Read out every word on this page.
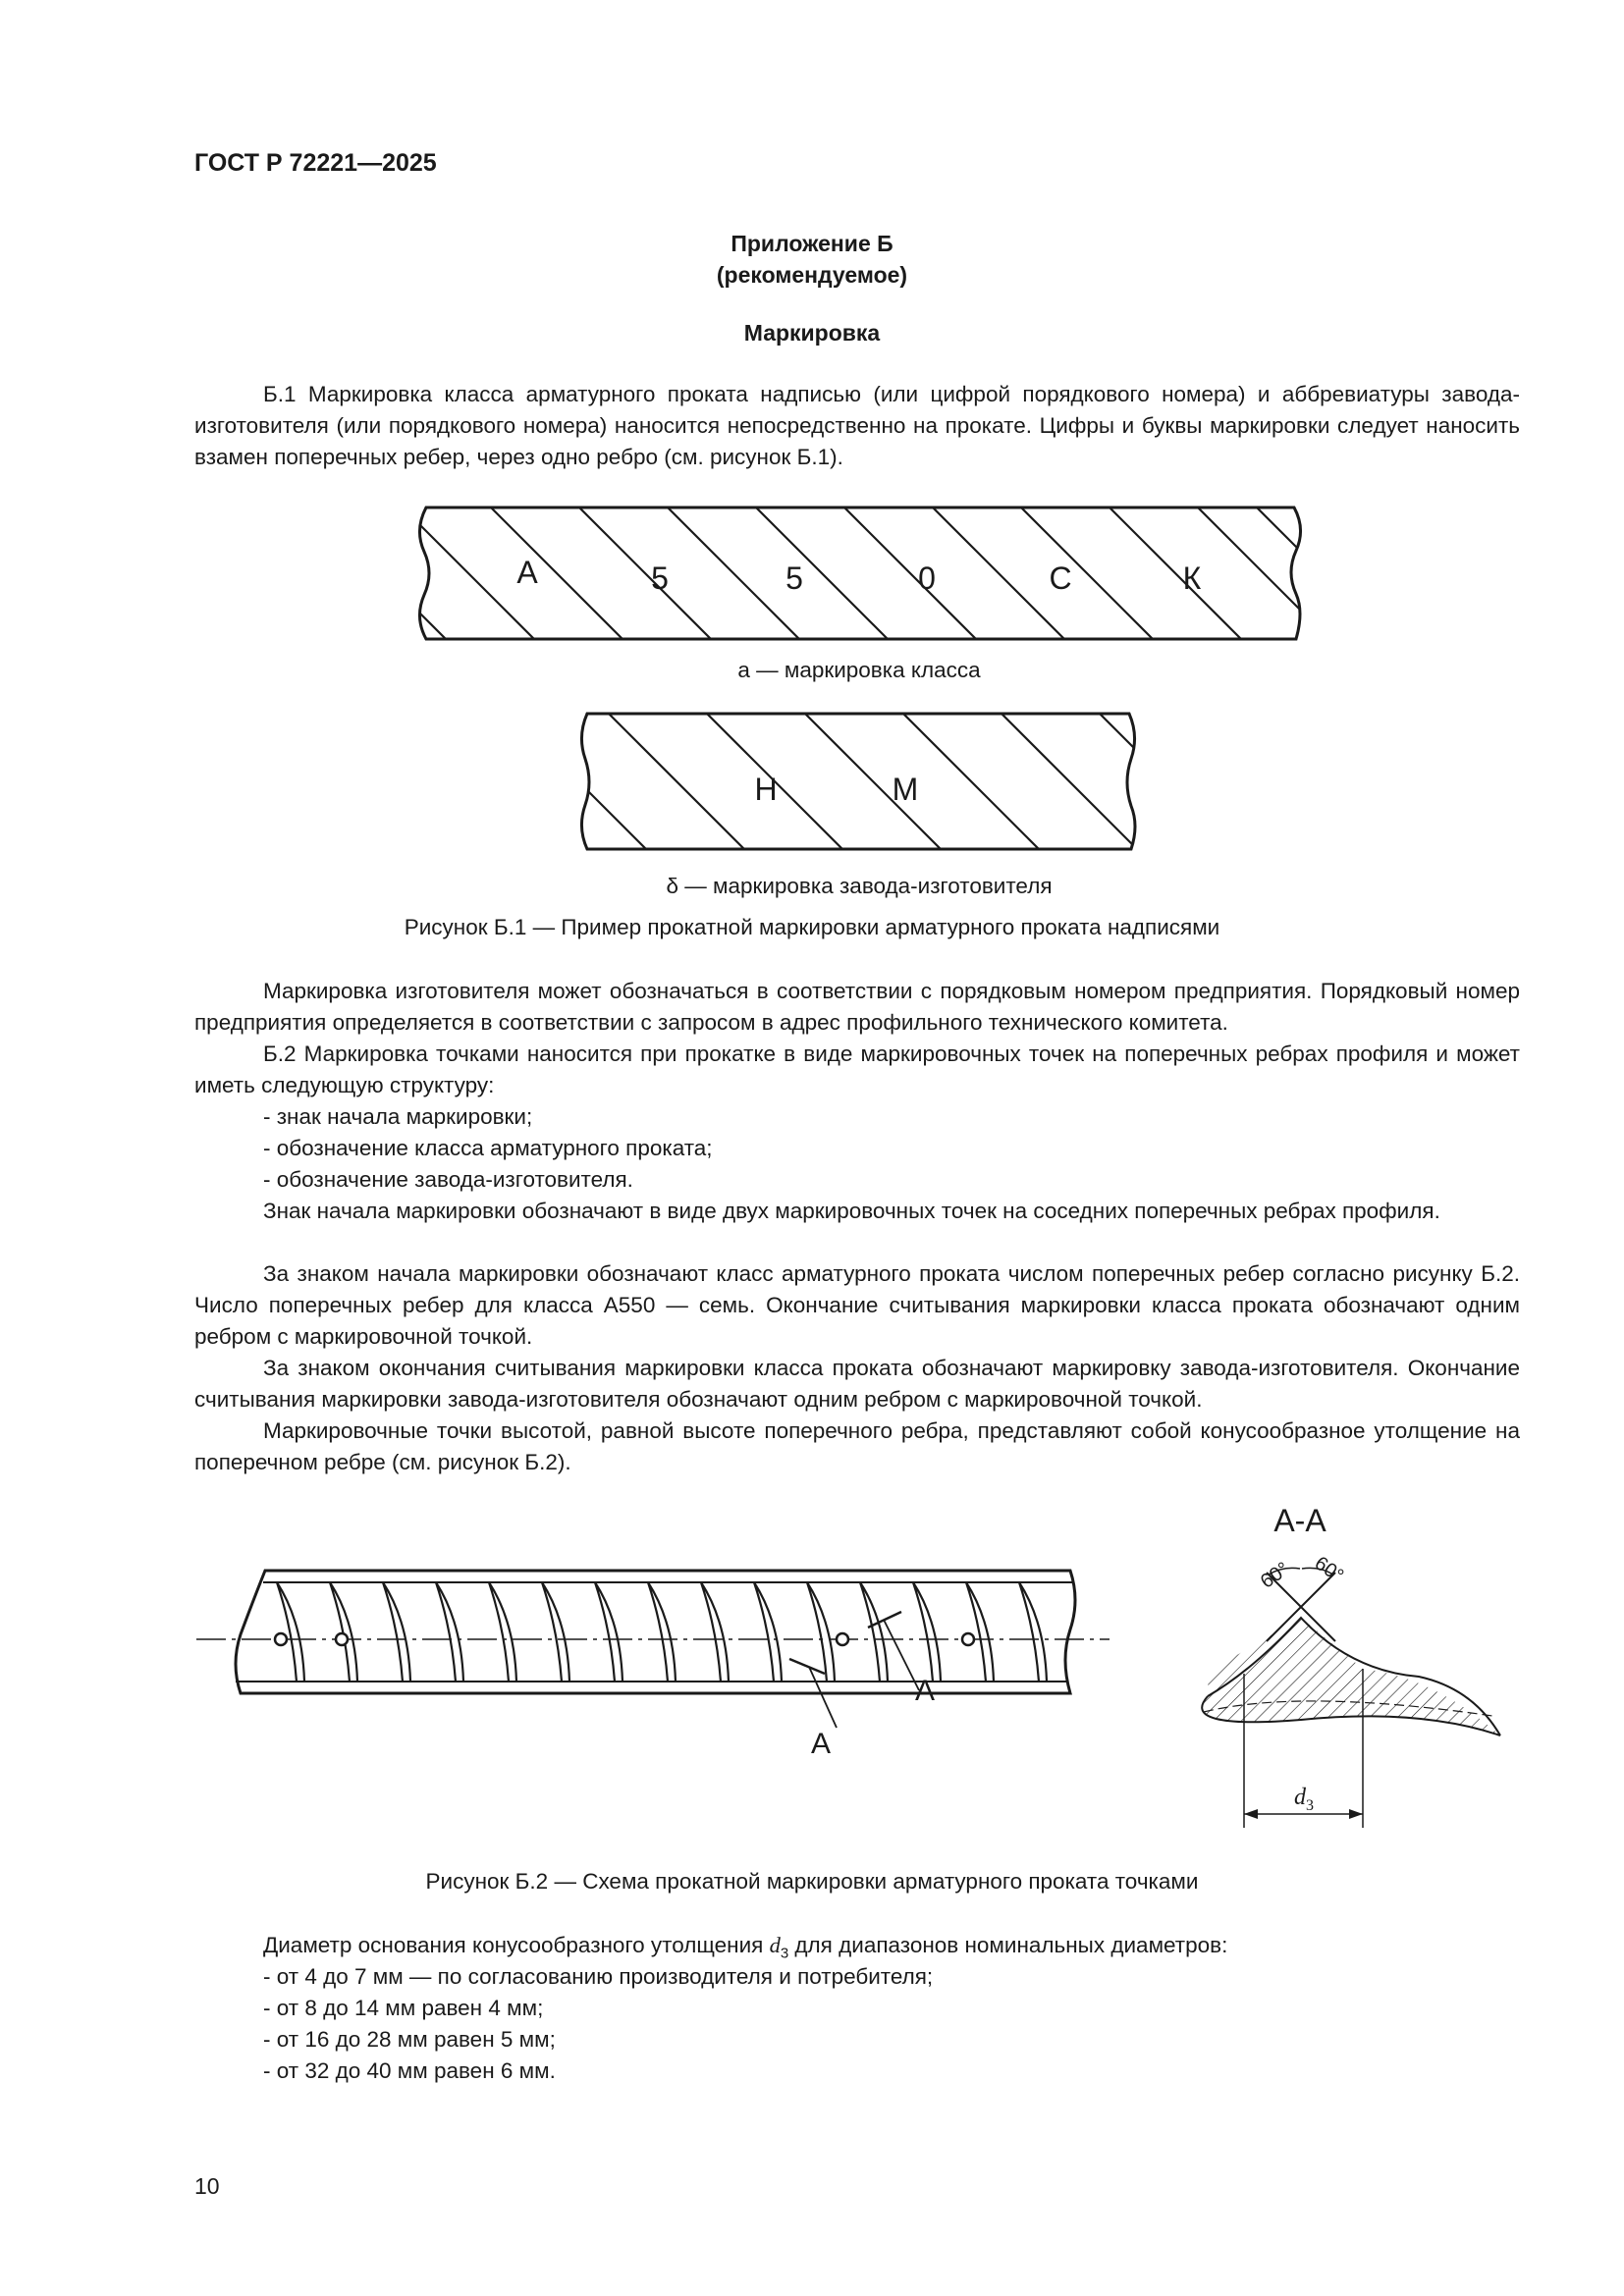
ГОСТ Р 72221—2025
Приложение Б
(рекомендуемое)
Маркировка

Б.1 Маркировка класса арматурного проката надписью (или цифрой порядкового номера) и аббревиатуры завода-изготовителя (или порядкового номера) наносится непосредственно на прокате. Цифры и буквы маркировки следует наносить взамен поперечных ребер, через одно ребро (см. рисунок Б.1).

А	5	5	0	С	К
а — маркировка класса
Н	М
δ — маркировка завода-изготовителя
Рисунок Б.1 — Пример прокатной маркировки арматурного проката надписями

Маркировка изготовителя может обозначаться в соответствии с порядковым номером предприятия. Порядковый номер предприятия определяется в соответствии с запросом в адрес профильного технического комитета.

Б.2 Маркировка точками наносится при прокатке в виде маркировочных точек на поперечных ребрах профиля и может иметь следующую структуру:

- знак начала маркировки;
- обозначение класса арматурного проката;
- обозначение завода-изготовителя.

Знак начала маркировки обозначают в виде двух маркировочных точек на соседних поперечных ребрах профиля.

За знаком начала маркировки обозначают класс арматурного проката числом поперечных ребер согласно рисунку Б.2. Число поперечных ребер для класса А550 — семь. Окончание считывания маркировки класса проката обозначают одним ребром с маркировочной точкой.

За знаком окончания считывания маркировки класса проката обозначают маркировку завода-изготовителя. Окончание считывания маркировки завода-изготовителя обозначают одним ребром с маркировочной точкой.

Маркировочные точки высотой, равной высоте поперечного ребра, представляют собой конусообразное утолщение на поперечном ребре (см. рисунок Б.2).

А
А
А-А
60° 60°
$d_3$
Рисунок Б.2 — Схема прокатной маркировки арматурного проката точками
Диаметр основания конусообразного утолщения $d_3$ для диапазонов номинальных диаметров:
- от 4 до 7 мм — по согласованию производителя и потребителя;
- от 8 до 14 мм равен 4 мм;
- от 16 до 28 мм равен 5 мм;
- от 32 до 40 мм равен 6 мм.
10
